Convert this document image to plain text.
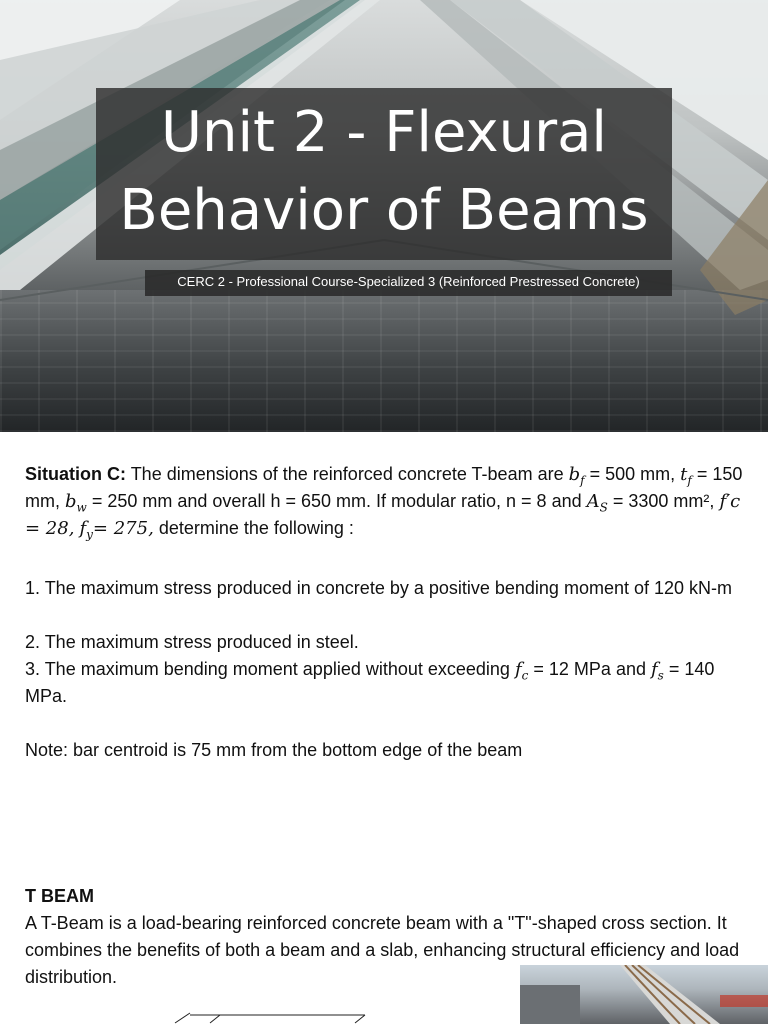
Unit 2 - Flexural Behavior of Beams
CERC 2 - Professional Course-Specialized 3 (Reinforced Prestressed Concrete)
Situation C: The dimensions of the reinforced concrete T-beam are $b_f = 500$ mm, $t_f = 150$ mm, $b_w = 250$ mm and overall h = 650 mm. If modular ratio, n = 8 and $A_S = 3300$ mm², f′c = 28, $f_y= 275$, determine the following :
1. The maximum stress produced in concrete by a positive bending moment of 120 kN-m
2. The maximum stress produced in steel.
3. The maximum bending moment applied without exceeding $f_c = 12$ MPa and $f_s = 140$ MPa.
Note: bar centroid is 75 mm from the bottom edge of the beam
T BEAM
A T-Beam is a load-bearing reinforced concrete beam with a "T"-shaped cross section. It combines the benefits of both a beam and a slab, enhancing structural efficiency and load distribution.
